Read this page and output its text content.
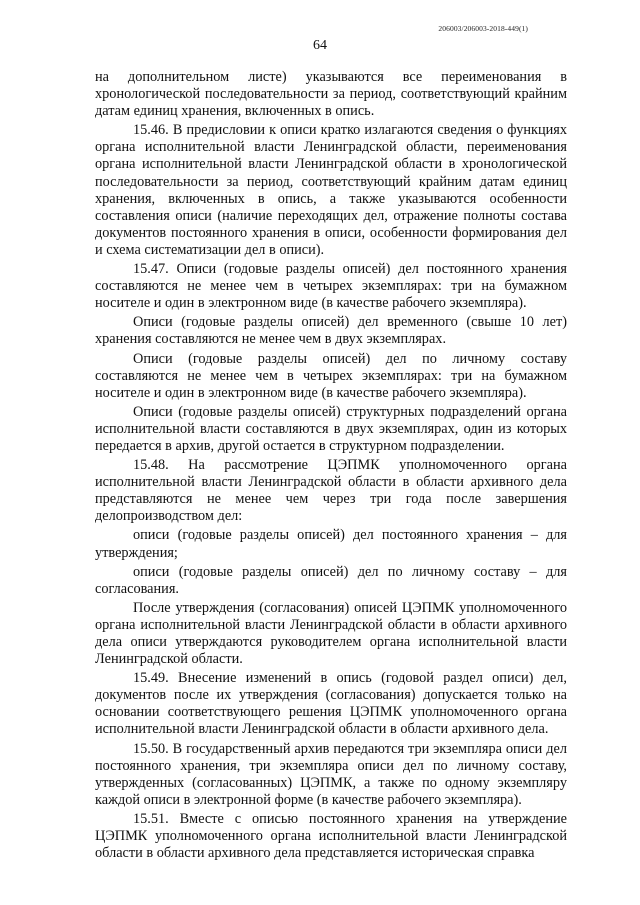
206003/206003-2018-449(1)
64

на дополнительном листе) указываются все переименования в хронологической последовательности за период, соответствующий крайним датам единиц хранения, включенных в опись.

15.46. В предисловии к описи кратко излагаются сведения о функциях органа исполнительной власти Ленинградской области, переименования органа исполнительной власти Ленинградской области в хронологической последовательности за период, соответствующий крайним датам единиц хранения, включенных в опись, а также указываются особенности составления описи (наличие переходящих дел, отражение полноты состава документов постоянного хранения в описи, особенности формирования дел и схема систематизации дел в описи).

15.47. Описи (годовые разделы описей) дел постоянного хранения составляются не менее чем в четырех экземплярах: три на бумажном носителе и один в электронном виде (в качестве рабочего экземпляра).

Описи (годовые разделы описей) дел временного (свыше 10 лет) хранения составляются не менее чем в двух экземплярах.

Описи (годовые разделы описей) дел по личному составу составляются не менее чем в четырех экземплярах: три на бумажном носителе и один в электронном виде (в качестве рабочего экземпляра).

Описи (годовые разделы описей) структурных подразделений органа исполнительной власти составляются в двух экземплярах, один из которых передается в архив, другой остается в структурном подразделении.

15.48. На рассмотрение ЦЭПМК уполномоченного органа исполнительной власти Ленинградской области в области архивного дела представляются не менее чем через три года после завершения делопроизводством дел:

описи (годовые разделы описей) дел постоянного хранения – для утверждения;

описи (годовые разделы описей) дел по личному составу – для согласования.

После утверждения (согласования) описей ЦЭПМК уполномоченного органа исполнительной власти Ленинградской области в области архивного дела описи утверждаются руководителем органа исполнительной власти Ленинградской области.

15.49. Внесение изменений в опись (годовой раздел описи) дел, документов после их утверждения (согласования) допускается только на основании соответствующего решения ЦЭПМК уполномоченного органа исполнительной власти Ленинградской области в области архивного дела.

15.50. В государственный архив передаются три экземпляра описи дел постоянного хранения, три экземпляра описи дел по личному составу, утвержденных (согласованных) ЦЭПМК, а также по одному экземпляру каждой описи в электронной форме (в качестве рабочего экземпляра).

15.51. Вместе с описью постоянного хранения на утверждение ЦЭПМК уполномоченного органа исполнительной власти Ленинградской области в области архивного дела представляется историческая справка
